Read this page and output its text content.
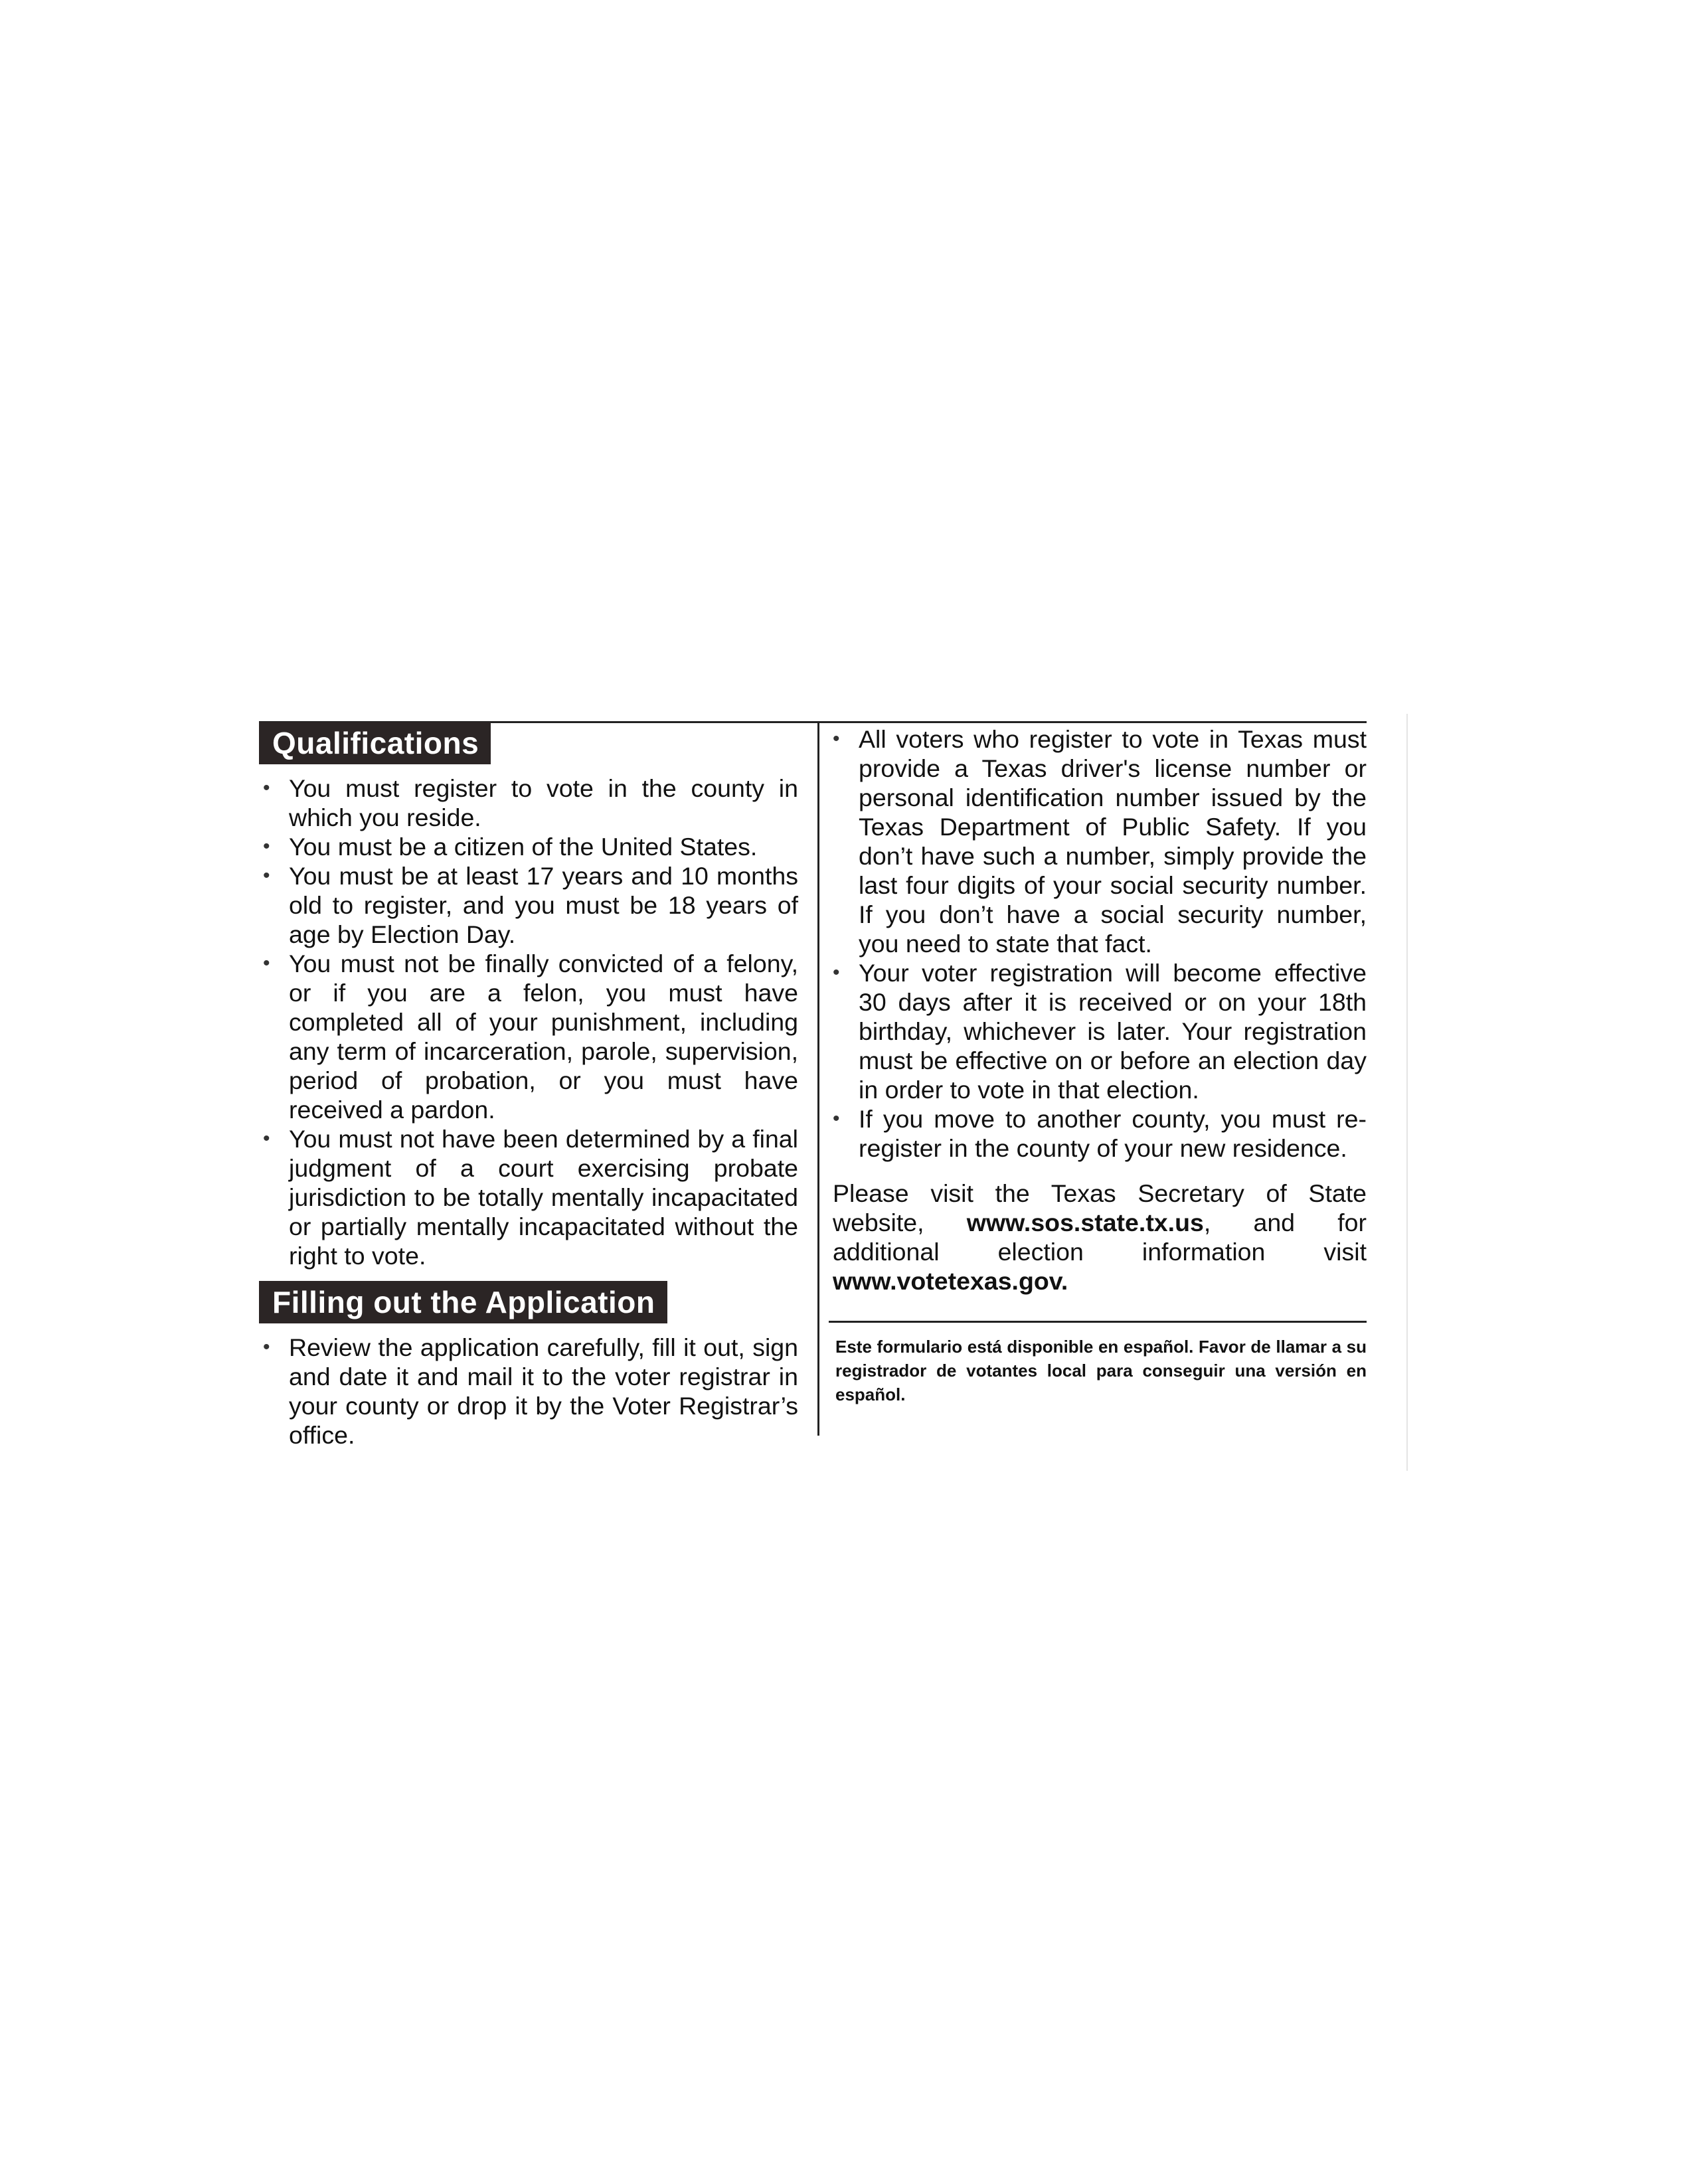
Qualifications
• You must register to vote in the county in which you reside.
• You must be a citizen of the United States.
• You must be at least 17 years and 10 months old to register, and you must be 18 years of age by Election Day.
• You must not be finally convicted of a felony, or if you are a felon, you must have completed all of your punishment, including any term of incarceration, parole, supervision, period of probation, or you must have received a pardon.
• You must not have been determined by a final judgment of a court exercising probate jurisdiction to be totally mentally incapacitated or partially mentally incapacitated without the right to vote.
Filling out the Application
• Review the application carefully, fill it out, sign and date it and mail it to the voter registrar in your county or drop it by the Voter Registrar’s office.
• All voters who register to vote in Texas must provide a Texas driver's license number or personal identification number issued by the Texas Department of Public Safety. If you don’t have such a number, simply provide the last four digits of your social security number. If you don’t have a social security number, you need to state that fact.
• Your voter registration will become effective 30 days after it is received or on your 18th birthday, whichever is later. Your registration must be effective on or before an election day in order to vote in that election.
• If you move to another county, you must re-register in the county of your new residence.

Please visit the Texas Secretary of State website, www.sos.state.tx.us, and for additional election information visit www.votetexas.gov.

Este formulario está disponible en español. Favor de llamar a su registrador de votantes local para conseguir una versión en español.
